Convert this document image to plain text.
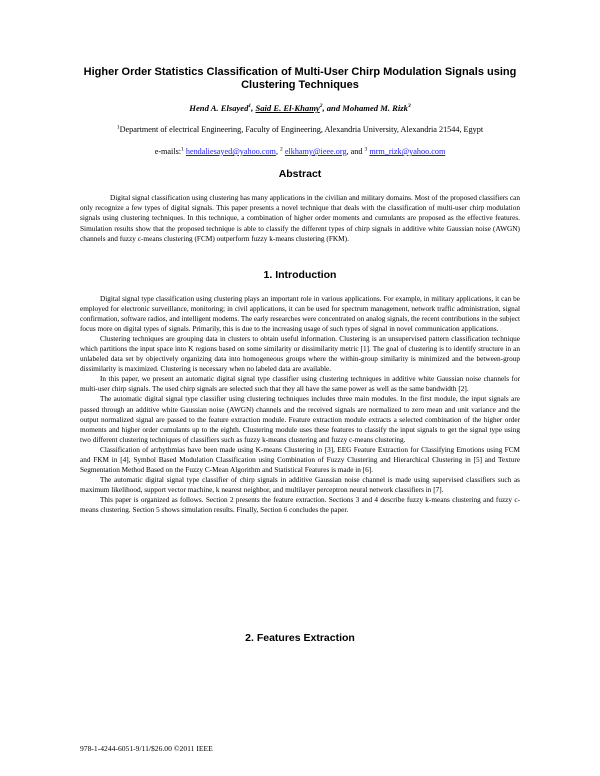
Higher Order Statistics Classification of Multi-User Chirp Modulation Signals using Clustering Techniques
Hend A. Elsayed$^1$, Said E. El-Khamy$^2$, and Mohamed M. Rizk$^3$
$^1$Department of electrical Engineering, Faculty of Engineering, Alexandria University, Alexandria 21544, Egypt
e-mails:$^1$ hendaliesayed@yahoo.com, $^2$ elkhamy@ieee.org, and $^3$ mrm_rizk@yahoo.com
Abstract

Digital signal classification using clustering has many applications in the civilian and military domains. Most of the proposed classifiers can only recognize a few types of digital signals. This paper presents a novel technique that deals with the classification of multi-user chirp modulation signals using clustering techniques. In this technique, a combination of higher order moments and cumulants are proposed as the effective features. Simulation results show that the proposed technique is able to classify the different types of chirp signals in additive white Gaussian noise (AWGN) channels and fuzzy c-means clustering (FCM) outperform fuzzy k-means clustering (FKM).

1. Introduction

Digital signal type classification using clustering plays an important role in various applications. For example, in military applications, it can be employed for electronic surveillance, monitoring; in civil applications, it can be used for spectrum management, network traffic administration, signal confirmation, software radios, and intelligent modems. The early researches were concentrated on analog signals, the recent contributions in the subject focus more on digital types of signals. Primarily, this is due to the increasing usage of such types of signal in novel communication applications.

Clustering techniques are grouping data in clusters to obtain useful information. Clustering is an unsupervised pattern classification technique which partitions the input space into K regions based on some similarity or dissimilarity metric [1]. The goal of clustering is to identify structure in an unlabeled data set by objectively organizing data into homogeneous groups where the within-group similarity is minimized and the between-group dissimilarity is maximized. Clustering is necessary when no labeled data are available.

In this paper, we present an automatic digital signal type classifier using clustering techniques in additive white Gaussian noise channels for multi-user chirp signals. The used chirp signals are selected such that they all have the same power as well as the same bandwidth [2].

The automatic digital signal type classifier using clustering techniques includes three main modules. In the first module, the input signals are passed through an additive white Gaussian noise (AWGN) channels and the received signals are normalized to zero mean and unit variance and the output normalized signal are passed to the feature extraction module. Feature extraction module extracts a selected combination of the higher order moments and higher order cumulants up to the eighth. Clustering module uses these features to classify the input signals to get the signal type using two different clustering techniques of classifiers such as fuzzy k-means clustering and fuzzy c-means clustering.

Classification of arrhythmias have been made using K-means Clustering in [3], EEG Feature Extraction for Classifying Emotions using FCM and FKM in [4], Symbol Based Modulation Classification using Combination of Fuzzy Clustering and Hierarchical Clustering in [5] and Texture Segmentation Method Based on the Fuzzy C-Mean Algorithm and Statistical Features is made in [6].

The automatic digital signal type classifier of chirp signals in additive Gaussian noise channel is made using supervised classifiers such as maximum likelihood, support vector machine, k nearest neighbor, and multilayer perceptron neural network classifiers in [7].

This paper is organized as follows. Section 2 presents the feature extraction. Sections 3 and 4 describe fuzzy k-means clustering and fuzzy c-means clustering. Section 5 shows simulation results. Finally, Section 6 concludes the paper.

2. Features Extraction
978-1-4244-6051-9/11/$26.00 ©2011 IEEE
